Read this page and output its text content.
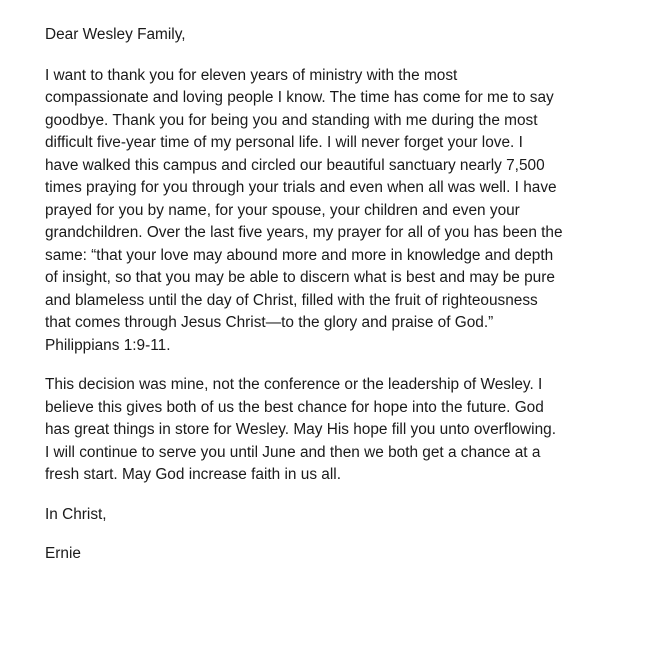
Dear Wesley Family,

I want to thank you for eleven years of ministry with the most
compassionate and loving people I know. The time has come for me to say
goodbye. Thank you for being you and standing with me during the most
difficult five-year time of my personal life. I will never forget your love. I
have walked this campus and circled our beautiful sanctuary nearly 7,500
times praying for you through your trials and even when all was well. I have
prayed for you by name, for your spouse, your children and even your
grandchildren. Over the last five years, my prayer for all of you has been the
same: “that your love may abound more and more in knowledge and depth
of insight, so that you may be able to discern what is best and may be pure
and blameless until the day of Christ, filled with the fruit of righteousness
that comes through Jesus Christ—to the glory and praise of God.”
Philippians 1:9-11.

This decision was mine, not the conference or the leadership of Wesley. I
believe this gives both of us the best chance for hope into the future. God
has great things in store for Wesley. May His hope fill you unto overflowing.
I will continue to serve you until June and then we both get a chance at a
fresh start. May God increase faith in us all.

In Christ,

Ernie
